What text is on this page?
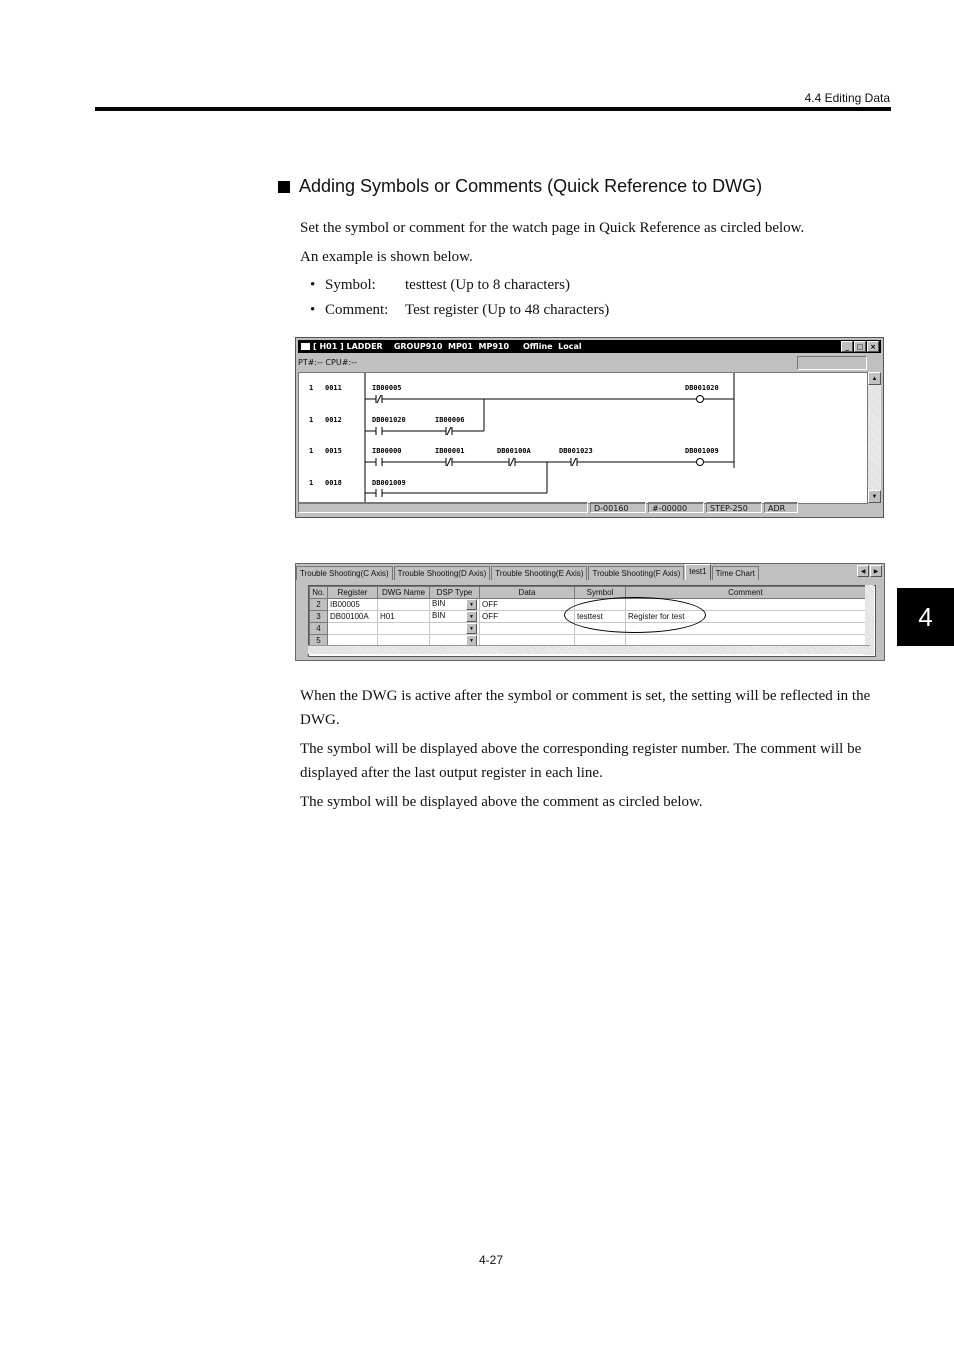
4.4 Editing Data
4
Adding Symbols or Comments (Quick Reference to DWG)
Set the symbol or comment for the watch page in Quick Reference as circled below.
An example is shown below.
• Symbol:	testtest (Up to 8 characters)
• Comment:	Test register (Up to 48 characters)
[ H01 ] LADDER    GROUP910  MP01  MP910     Offline  Local	_	□ ×
PT#:-- CPU#:--
1 0011
1 0012
1 0015
1 0018
IB00005	DB001020
DB001020	IB00006
IB00000	IB00001	DB00100A	DB001023	DB001009
DB001009
▲
▼
D-00160	#-00000	STEP-250	ADR
Trouble Shooting(C Axis)	Trouble Shooting(D Axis)	Trouble Shooting(E Axis)	Trouble Shooting(F Axis)	test1	Time Chart	◀	▶
No.	Register	DWG Name	DSP Type	Data	Symbol	Comment
2	IB00005		BIN ▼	OFF		
3	DB00100A	H01	BIN ▼	OFF	testtest	Register for test
4			▼			

5			▼			

When the DWG is active after the symbol or comment is set, the setting will be reflected in the DWG.
The symbol will be displayed above the corresponding register number. The comment will be displayed after the last output register in each line.
The symbol will be displayed above the comment as circled below.
4-27
